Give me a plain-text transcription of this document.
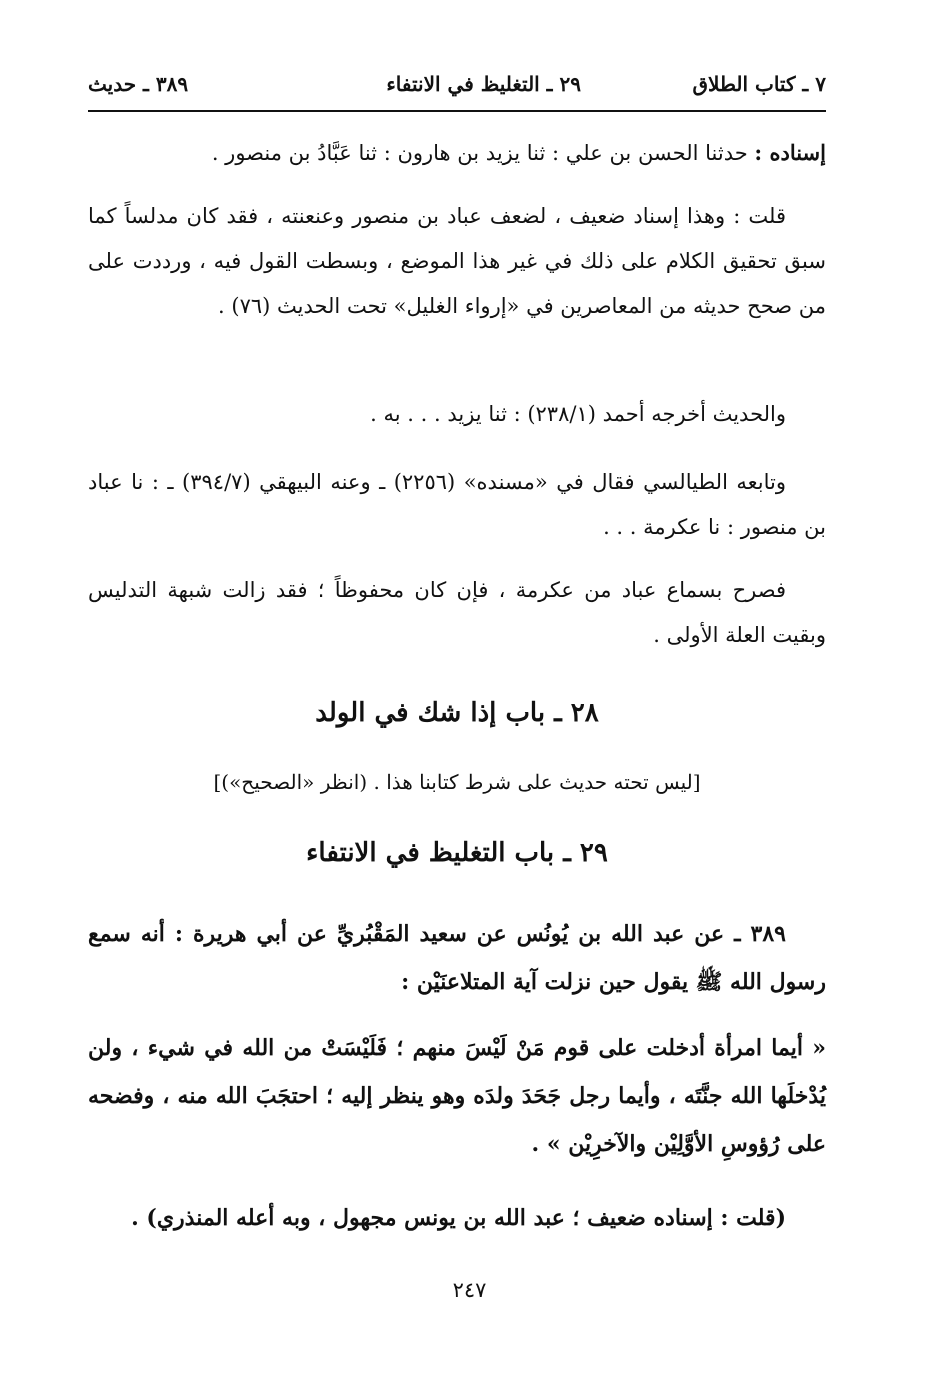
٧ ـ كتاب الطلاق
٢٩ ـ التغليظ في الانتفاء
٣٨٩ ـ حديث

إسناده : حدثنا الحسن بن علي : ثنا يزيد بن هارون : ثنا عَبَّادُ بن منصور .

قلت : وهذا إسناد ضعيف ، لضعف عباد بن منصور وعنعنته ، فقد كان مدلساً كما سبق تحقيق الكلام على ذلك في غير هذا الموضع ، وبسطت القول فيه ، ورددت على من صحح حديثه من المعاصرين في «إرواء الغليل» تحت الحديث (٧٦) .

والحديث أخرجه أحمد (٢٣٨/١) : ثنا يزيد . . . به .

وتابعه الطيالسي فقال في «مسنده» (٢٢٥٦) ـ وعنه البيهقي (٣٩٤/٧) ـ : نا عباد بن منصور : نا عكرمة . . .

فصرح بسماع عباد من عكرمة ، فإن كان محفوظاً ؛ فقد زالت شبهة التدليس وبقيت العلة الأولى .

٢٨ ـ باب إذا شك في الولد

[ليس تحته حديث على شرط كتابنا هذا . (انظر «الصحيح»)]

٢٩ ـ باب التغليظ في الانتفاء

٣٨٩ ـ عن عبد الله بن يُونُس عن سعيد المَقْبُريِّ عن أبي هريرة : أنه سمع رسول الله ﷺ يقول حين نزلت آية المتلاعنَيْن :

« أيما امرأة أدخلت على قوم مَنْ لَيْسَ منهم ؛ فَلَيْسَتْ من الله في شيء ، ولن يُدْخلَها الله جنَّتَه ، وأيما رجل جَحَدَ ولدَه وهو ينظر إليه ؛ احتجَبَ الله منه ، وفضحه على رُؤوسِ الأوَّلِيْن والآخرِيْن » .

(قلت : إسناده ضعيف ؛ عبد الله بن يونس مجهول ، وبه أعله المنذري) .

٢٤٧
